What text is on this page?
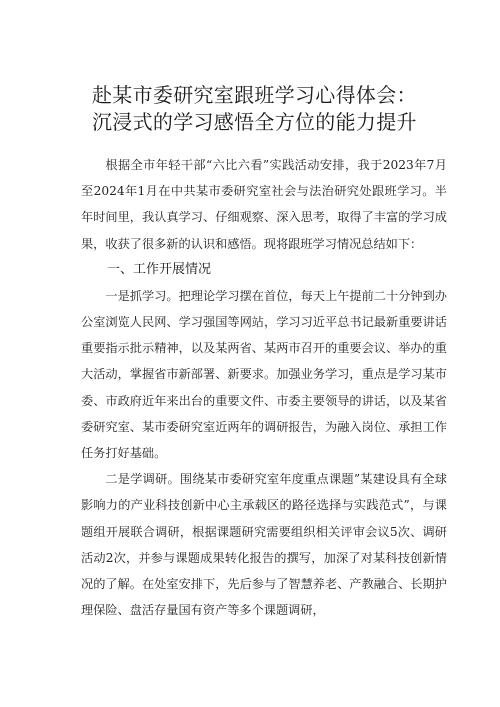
赴某市委研究室跟班学习心得体会：沉浸式的学习感悟全方位的能力提升

根据全市年轻干部“六比六看”实践活动安排，我于2023年7月至2024年1月在中共某市委研究室社会与法治研究处跟班学习。半年时间里，我认真学习、仔细观察、深入思考，取得了丰富的学习成果，收获了很多新的认识和感悟。现将跟班学习情况总结如下：

一、工作开展情况

一是抓学习。把理论学习摆在首位，每天上午提前二十分钟到办公室浏览人民网、学习强国等网站，学习习近平总书记最新重要讲话重要指示批示精神，以及某两省、某两市召开的重要会议、举办的重大活动，掌握省市新部署、新要求。加强业务学习，重点是学习某市委、市政府近年来出台的重要文件、市委主要领导的讲话，以及某省委研究室、某市委研究室近两年的调研报告，为融入岗位、承担工作任务打好基础。

二是学调研。围绕某市委研究室年度重点课题”某建设具有全球影响力的产业科技创新中心主承载区的路径选择与实践范式”，与课题组开展联合调研，根据课题研究需要组织相关评审会议5次、调研活动2次，并参与课题成果转化报告的撰写，加深了对某科技创新情况的了解。在处室安排下，先后参与了智慧养老、产教融合、长期护理保险、盘活存量国有资产等多个课题调研，
